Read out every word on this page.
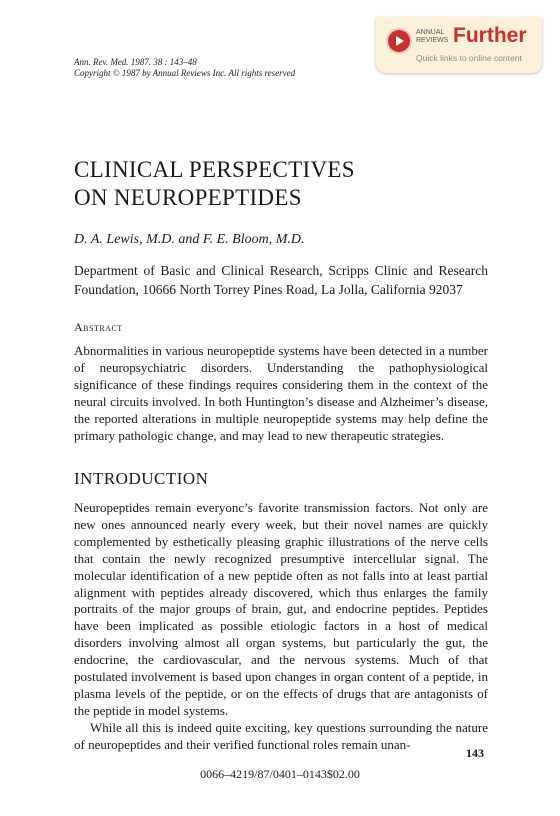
ANNUAL REVIEWS Further
Quick links to online content
Ann. Rev. Med. 1987. 38 : 143–48
Copyright © 1987 by Annual Reviews Inc. All rights reserved
CLINICAL PERSPECTIVES
ON NEUROPEPTIDES
D. A. Lewis, M.D. and F. E. Bloom, M.D.
Department of Basic and Clinical Research, Scripps Clinic and Research Foundation, 10666 North Torrey Pines Road, La Jolla, California 92037
Abstract

Abnormalities in various neuropeptide systems have been detected in a number of neuropsychiatric disorders. Understanding the pathophysiological significance of these findings requires considering them in the context of the neural circuits involved. In both Huntington’s disease and Alzheimer’s disease, the reported alterations in multiple neuropeptide systems may help define the primary pathologic change, and may lead to new therapeutic strategies.

INTRODUCTION
Neuropeptides remain everyonc’s favorite transmission factors. Not only are new ones announced nearly every week, but their novel names are quickly complemented by esthetically pleasing graphic illustrations of the nerve cells that contain the newly recognized presumptive intercellular signal. The molecular identification of a new peptide often as not falls into at least partial alignment with peptides already discovered, which thus enlarges the family portraits of the major groups of brain, gut, and endocrine peptides. Peptides have been implicated as possible etiologic factors in a host of medical disorders involving almost all organ systems, but particularly the gut, the endocrine, the cardiovascular, and the nervous systems. Much of that postulated involvement is based upon changes in organ content of a peptide, in plasma levels of the peptide, or on the effects of drugs that are antagonists of the peptide in model systems.
While all this is indeed quite exciting, key questions surrounding the nature of neuropeptides and their verified functional roles remain unan-
143
0066–4219/87/0401–0143$02.00
